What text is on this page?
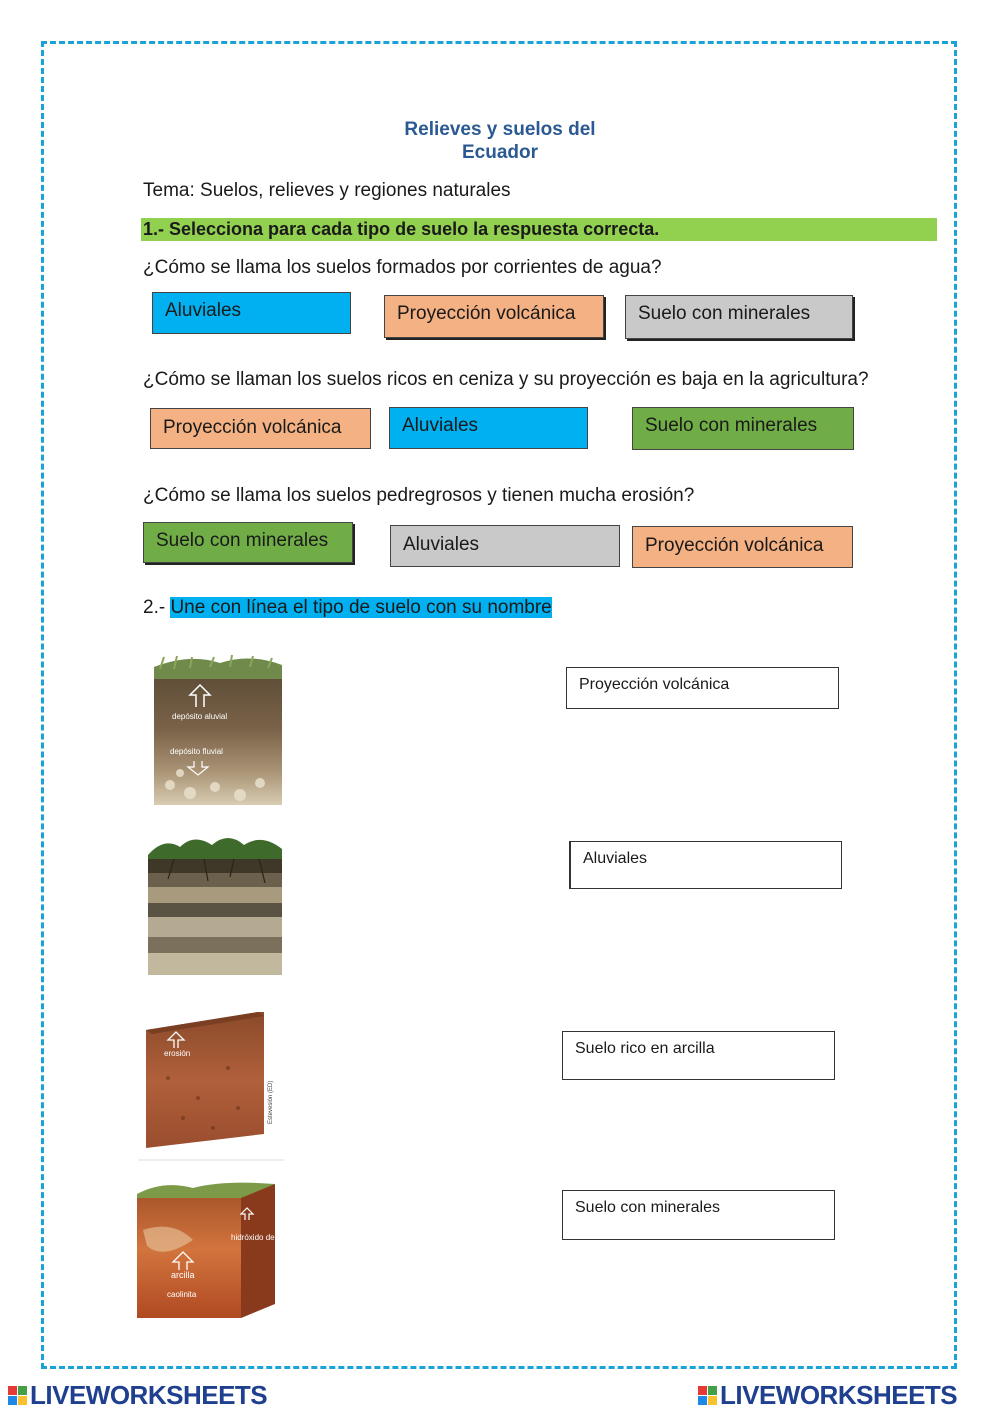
Relieves y suelos del
Ecuador
Tema: Suelos, relieves y regiones naturales
1.- Selecciona para cada tipo de suelo la respuesta correcta.
¿Cómo se llama los suelos formados por corrientes de agua?
Aluviales	Proyección volcánica	Suelo con minerales
¿Cómo se llaman los suelos ricos en ceniza y su proyección es baja en la agricultura?
Proyección volcánica	Aluviales	Suelo con minerales
¿Cómo se llama los suelos pedregrosos y tienen mucha erosión?
Suelo con minerales	Aluviales	Proyección volcánica
2.- Une con línea el tipo de suelo con su nombre
depósito aluvial
depósito fluvial
erosión
Estevesión (ED)
hidróxido de hierro
arcilla
caolinita
Proyección volcánica
Aluviales
Suelo rico en arcilla
Suelo con minerales
LIVEWORKSHEETS	LIVEWORKSHEETS
